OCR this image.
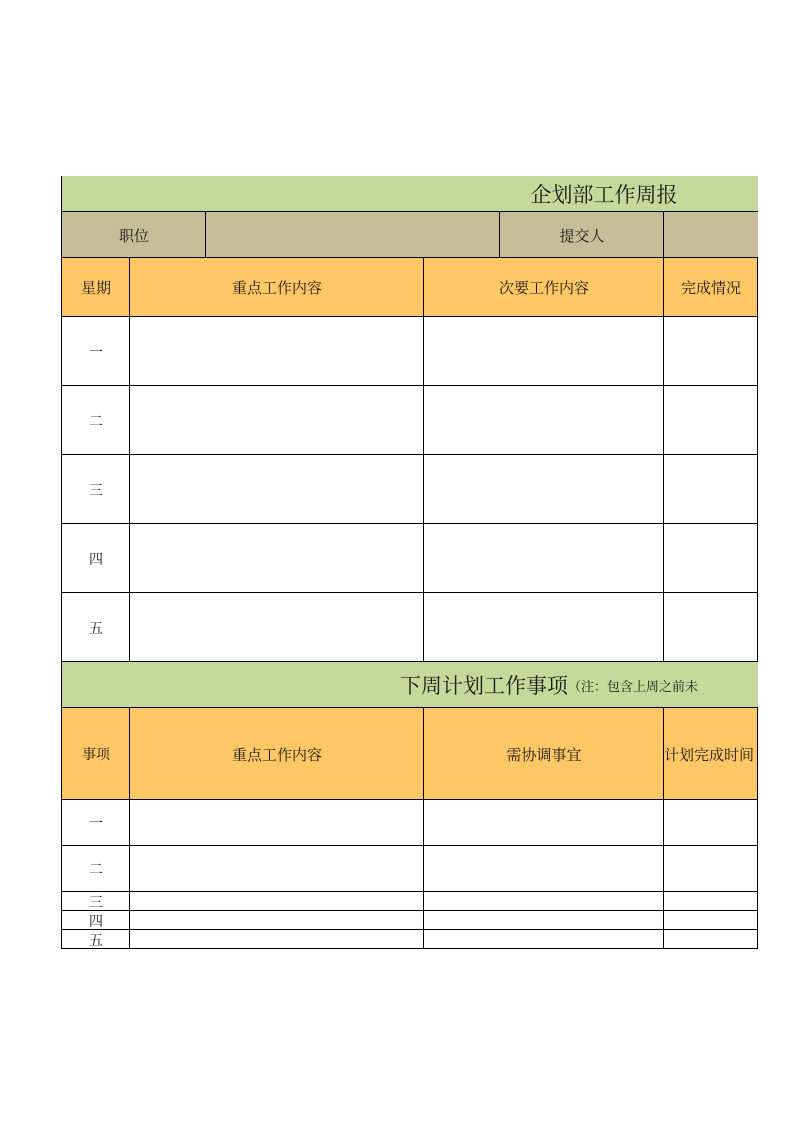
企划部工作周报
职位	提交人
星期	重点工作内容	次要工作内容	完成情况
一
二
三
四
五
下周计划工作事项 （注：包含上周之前未
事项	重点工作内容	需协调事宜	计划完成时间
一
二
三
四
五
